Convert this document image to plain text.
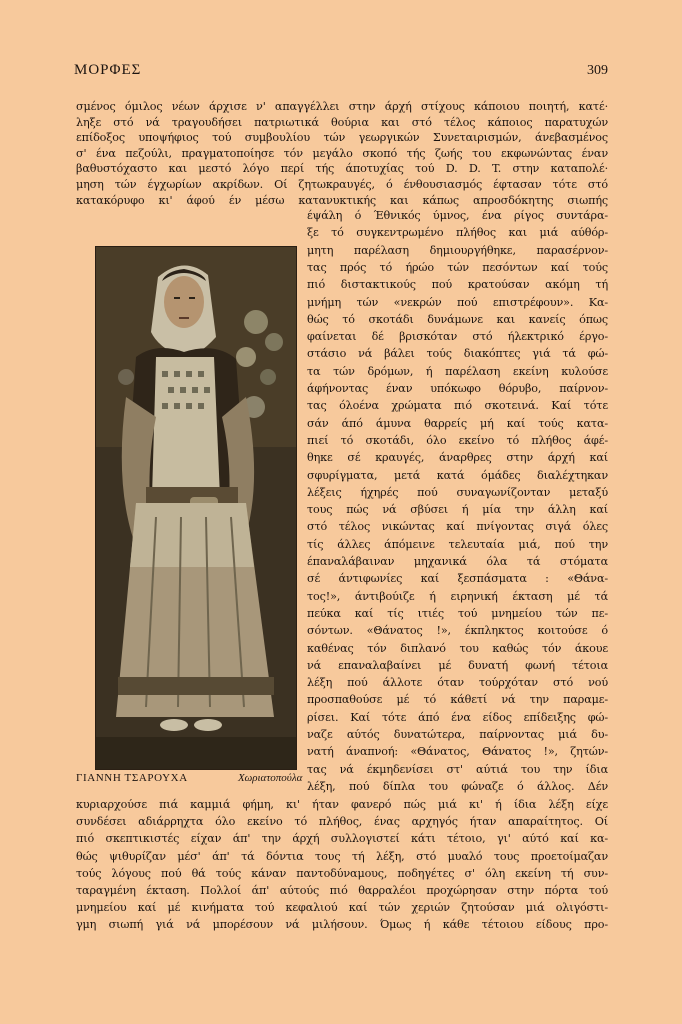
ΜΟΡΦΕΣ	309
σμένος όμιλος νέων άρχισε ν' απαγγέλλει στην άρχή στίχους κάποιου ποιητή, κατέ·
ληξε στό νά τραγουδήσει πατριωτικά θούρια και στό τέλος κάποιος παρατυχών
επίδοξος υποψήφιος τού συμβουλίου τών γεωργικών Συνεταιρισμών, άνεβασμένος
σ' ένα πεζούλι, πραγματοποίησε τόν μεγάλο σκοπό τής ζωής του εκφωνώντας έναν
βαθυστόχαστο και μεστό λόγο περί τής άποτυχίας τού D. D. T. στην καταπολέ·
μηση τών έγχωρίων ακρίδων. Οί ζητωκραυγές, ό ένθουσιασμός έφτασαν τότε στό
κατακόρυφο κι' άφού έν μέσω κατανυκτικής και κάπως απροσδόκητης σιωπής
έψάλη ό Έθνικός ύμνος, ένα ρίγος συντάρα-
ξε τό συγκεντρωμένο πλήθος και μιά αύθόρ-
μητη παρέλαση δημιουργήθηκε, παρασέρνον-
τας πρός τό ήρώο τών πεσόντων καί τούς
πιό διστακτικούς πού κρατούσαν ακόμη τή
μνήμη τών «νεκρών πού επιστρέφουν». Κα-
θώς τό σκοτάδι δυνάμωνε και κανείς όπως
φαίνεται δέ βρισκόταν στό ήλεκτρικό έργο-
στάσιο νά βάλει τούς διακόπτες γιά τά φώ-
τα τών δρόμων, ή παρέλαση εκείνη κυλούσε
άφήνοντας έναν υπόκωφο θόρυβο, παίρνον-
τας όλοένα χρώματα πιό σκοτεινά. Καί τότε
σάν άπό άμυνα θαρρείς μή καί τούς κατα-
πιεί τό σκοτάδι, όλο εκείνο τό πλήθος άφέ-
θηκε σέ κραυγές, άναρθρες στην άρχή καί
σφυρίγματα, μετά κατά όμάδες διαλέχτηκαν
λέξεις ήχηρές πού συναγωνίζονταν μεταξύ
τους πώς νά σβύσει ή μία την άλλη καί
στό τέλος νικώντας καί πνίγοντας σιγά όλες
τίς άλλες άπόμεινε τελευταία μιά, πού την
έπαναλάβαιναν μηχανικά όλα τά στόματα
σέ άντιφωνίες καί ξεσπάσματα : «Θάνα-
τος!», άντιβούιζε ή ειρηνική έκταση μέ τά
πεύκα καί τίς ιτιές τού μνημείου τών πε-
σόντων. «Θάνατος !», έκπληκτος κοιτούσε ό
καθένας τόν διπλανό του καθώς τόν άκουε
νά επαναλαβαίνει μέ δυνατή φωνή τέτοια
λέξη πού άλλοτε όταν τούρχόταν στό νού
προσπαθούσε μέ τό κάθετί νά την παραμε-
ρίσει. Καί τότε άπό ένα είδος επίδειξης φώ-
ναζε αύτός δυνατώτερα, παίρνοντας μιά δυ-
νατή άναπνοή: «Θάνατος, Θάνατος !», ζητών-
τας νά έκμηδενίσει στ' αύτιά του την ίδια
λέξη, πού δίπλα του φώναζε ό άλλος. Δέν
κυριαρχούσε πιά καμμιά φήμη, κι' ήταν φανερό πώς μιά κι' ή ίδια λέξη είχε
συνδέσει αδιάρρηχτα όλο εκείνο τό πλήθος, ένας αρχηγός ήταν απαραίτητος. Οί
πιό σκεπτικιστές είχαν άπ' την άρχή συλλογιστεί κάτι τέτοιο, γι' αύτό καί κα-
θώς ψιθυρίζαν μέσ' άπ' τά δόντια τους τή λέξη, στό μυαλό τους προετοίμαζαν
τούς λόγους πού θά τούς κάναν παντοδύναμους, ποδηγέτες σ' όλη εκείνη τή συν-
ταραγμένη έκταση. Πολλοί άπ' αύτούς πιό θαρραλέοι προχώρησαν στην πόρτα τού
μνημείου καί μέ κινήματα τού κεφαλιού καί τών χεριών ζητούσαν μιά ολιγόστι-
γμη σιωπή γιά νά μπορέσουν νά μιλήσουν. Όμως ή κάθε τέτοιου είδους προ-
ΓΙΑΝΝΗ ΤΣΑΡΟΥΧΑ	Χωριατοπούλα
